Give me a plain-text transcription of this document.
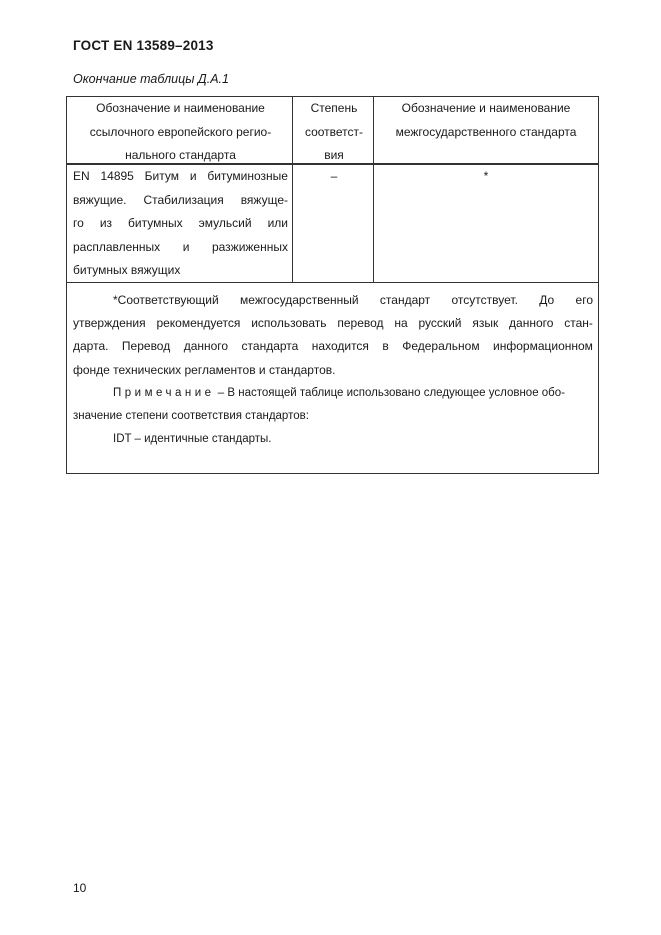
ГОСТ EN 13589–2013
Окончание таблицы Д.А.1
Обозначение и наименование
ссылочного европейского регио-
нального стандарта
Степень
соответст-
вия
Обозначение и наименование
межгосударственного стандарта
EN 14895 Битум и битуминозные
вяжущие. Стабилизация вяжуще-
го из битумных эмульсий или
расплавленных и разжиженных
битумных вяжущих
–	*
*Соответствующий межгосударственный стандарт отсутствует. До его
утверждения рекомендуется использовать перевод на русский язык данного стан-
дарта. Перевод данного стандарта находится в Федеральном информационном
фонде технических регламентов и стандартов.
Примечание – В настоящей таблице использовано следующее условное обо-
значение степени соответствия стандартов:
IDT – идентичные стандарты.
10
